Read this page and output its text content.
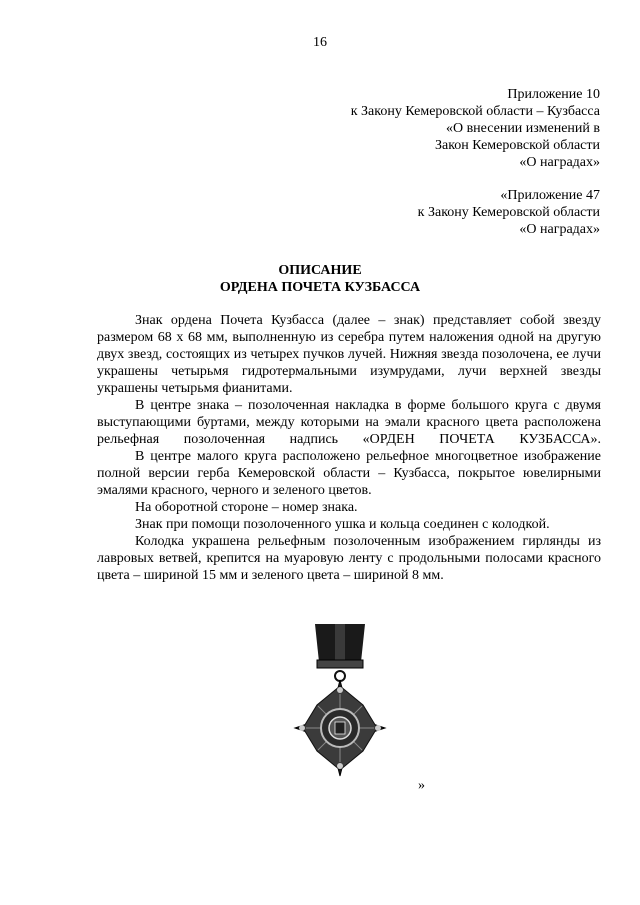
16
Приложение 10
к Закону Кемеровской области – Кузбасса
«О внесении изменений в
Закон Кемеровской области
«О наградах»
«Приложение 47
к Закону Кемеровской области
«О наградах»
ОПИСАНИЕ
ОРДЕНА ПОЧЕТА КУЗБАССА

Знак ордена Почета Кузбасса (далее – знак) представляет собой звезду размером 68 х 68 мм, выполненную из серебра путем наложения одной на другую двух звезд, состоящих из четырех пучков лучей. Нижняя звезда позолочена, ее лучи украшены четырьмя гидротермальными изумрудами, лучи верхней звезды украшены четырьмя фианитами.

В центре знака – позолоченная накладка в форме большого круга с двумя выступающими буртами, между которыми на эмали красного цвета расположена рельефная позолоченная надпись «ОРДЕН ПОЧЕТА КУЗБАССА».

В центре малого круга расположено рельефное многоцветное изображение полной версии герба Кемеровской области – Кузбасса, покрытое ювелирными эмалями красного, черного и зеленого цветов.

На оборотной стороне – номер знака.

Знак при помощи позолоченного ушка и кольца соединен с колодкой.

Колодка украшена рельефным позолоченным изображением гирлянды из лавровых ветвей, крепится на муаровую ленту с продольными полосами красного цвета – шириной 15 мм и зеленого цвета – шириной 8 мм.

»
